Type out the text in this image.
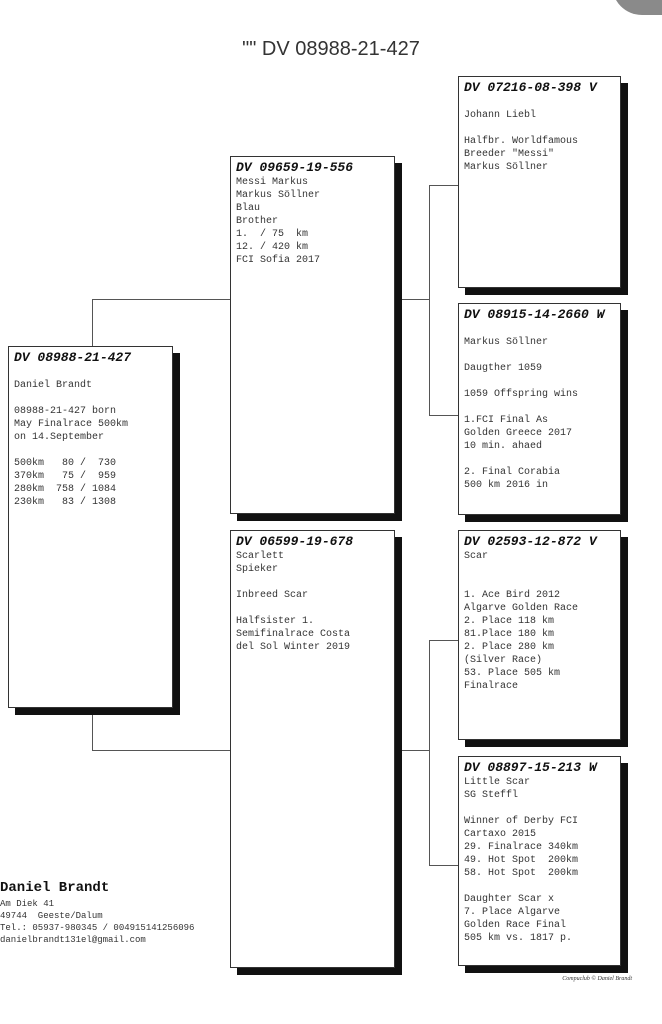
"" DV 08988-21-427
DV 08988-21-427
Daniel Brandt
08988-21-427 born
May Finalrace 500km
on 14.September
500km   80 /  730
370km   75 /  959
280km  758 / 1084
230km   83 / 1308
DV 09659-19-556
Messi Markus
Markus Söllner
Blau
Brother
1.  / 75  km
12. / 420 km
FCI Sofia 2017
DV 06599-19-678
Scarlett
Spieker
Inbreed Scar
Halfsister 1.
Semifinalrace Costa
del Sol Winter 2019
DV 07216-08-398 V
Johann Liebl
Halfbr. Worldfamous
Breeder "Messi"
Markus Söllner
DV 08915-14-2660 W
Markus Söllner
Daugther 1059
1059 Offspring wins
1.FCI Final As
Golden Greece 2017
10 min. ahaed
2. Final Corabia
500 km 2016 in
DV 02593-12-872 V
Scar
1. Ace Bird 2012
Algarve Golden Race
2. Place 118 km
81.Place 180 km
2. Place 280 km
(Silver Race)
53. Place 505 km
Finalrace
DV 08897-15-213 W
Little Scar
SG Steffl
Winner of Derby FCI
Cartaxo 2015
29. Finalrace 340km
49. Hot Spot  200km
58. Hot Spot  200km
Daughter Scar x
7. Place Algarve
Golden Race Final
505 km vs. 1817 p.
Daniel Brandt
Am Diek 41
49744  Geeste/Dalum
Tel.: 05937-980345 / 004915141256096
danielbrandt131el@gmail.com
Compuclub © Daniel Brandt
